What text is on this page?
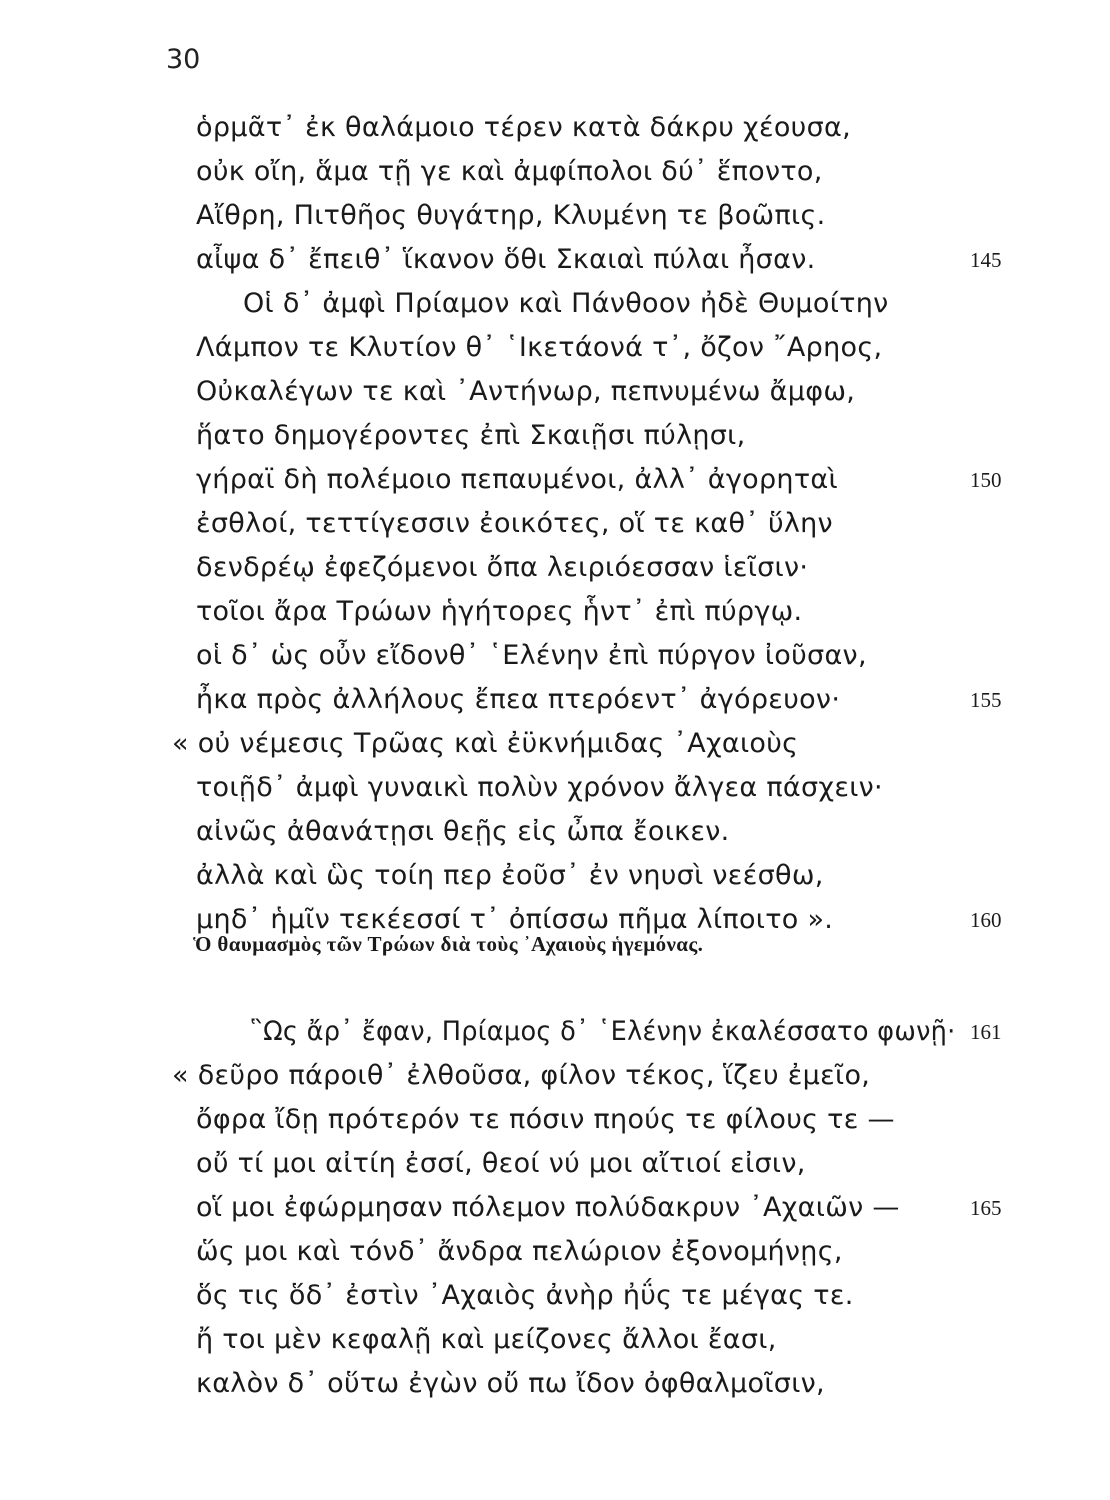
30
ὁρμᾶτ᾿ ἐκ θαλάμοιο τέρεν κατὰ δάκρυ χέουσα,
οὐκ οἴη, ἅμα τῇ γε καὶ ἀμφίπολοι δύ᾿ ἕποντο,
Αἴθρη, Πιτθῆος θυγάτηρ, Κλυμένη τε βοῶπις.
αἶψα δ᾿ ἔπειθ᾿ ἵκανον ὅθι Σκαιαὶ πύλαι ἦσαν.	145
Οἱ δ᾿ ἀμφὶ Πρίαμον καὶ Πάνθοον ἠδὲ Θυμοίτην
Λάμπον τε Κλυτίον θ᾿ ῾Ικετάονά τ᾿, ὄζον ῎Αρηος,
Οὐκαλέγων τε καὶ ᾿Αντήνωρ, πεπνυμένω ἄμφω,
ἥατο δημογέροντες ἐπὶ Σκαιῇσι πύλῃσι,
γήραϊ δὴ πολέμοιο πεπαυμένοι, ἀλλ᾿ ἀγορηταὶ	150
ἐσθλοί, τεττίγεσσιν ἐοικότες, οἵ τε καθ᾿ ὕλην
δενδρέῳ ἐφεζόμενοι ὄπα λειριόεσσαν ἱεῖσιν·
τοῖοι ἄρα Τρώων ἡγήτορες ἧντ᾿ ἐπὶ πύργῳ.
οἱ δ᾿ ὡς οὖν εἴδονθ᾿ ῾Ελένην ἐπὶ πύργον ἰοῦσαν,
ἦκα πρὸς ἀλλήλους ἔπεα πτερόεντ᾿ ἀγόρευον·	155
« οὐ νέμεσις Τρῶας καὶ ἐϋκνήμιδας ᾿Αχαιοὺς
τοιῇδ᾿ ἀμφὶ γυναικὶ πολὺν χρόνον ἄλγεα πάσχειν·
αἰνῶς ἀθανάτῃσι θεῇς εἰς ὦπα ἔοικεν.
ἀλλὰ καὶ ὣς τοίη περ ἐοῦσ᾿ ἐν νηυσὶ νεέσθω,
μηδ᾿ ἡμῖν τεκέεσσί τ᾿ ὀπίσσω πῆμα λίποιτο ».	160
Ὁ θαυμασμὸς τῶν Τρώων διὰ τοὺς ᾿Αχαιοὺς ἡγεμόνας.
῝Ως ἄρ᾿ ἔφαν, Πρίαμος δ᾿ ῾Ελένην ἐκαλέσσατο φωνῇ· 161
« δεῦρο πάροιθ᾿ ἐλθοῦσα, φίλον τέκος, ἵζευ ἐμεῖο,
ὄφρα ἴδῃ πρότερόν τε πόσιν πηούς τε φίλους τε —
οὔ τί μοι αἰτίη ἐσσί, θεοί νύ μοι αἴτιοί εἰσιν,
οἵ μοι ἐφώρμησαν πόλεμον πολύδακρυν ᾿Αχαιῶν —	165
ὥς μοι καὶ τόνδ᾿ ἄνδρα πελώριον ἐξονομήνῃς,
ὅς τις ὅδ᾿ ἐστὶν ᾿Αχαιὸς ἀνὴρ ἠΰς τε μέγας τε.
ἤ τοι μὲν κεφαλῇ καὶ μείζονες ἄλλοι ἔασι,
καλὸν δ᾿ οὕτω ἐγὼν οὔ πω ἴδον ὀφθαλμοῖσιν,
